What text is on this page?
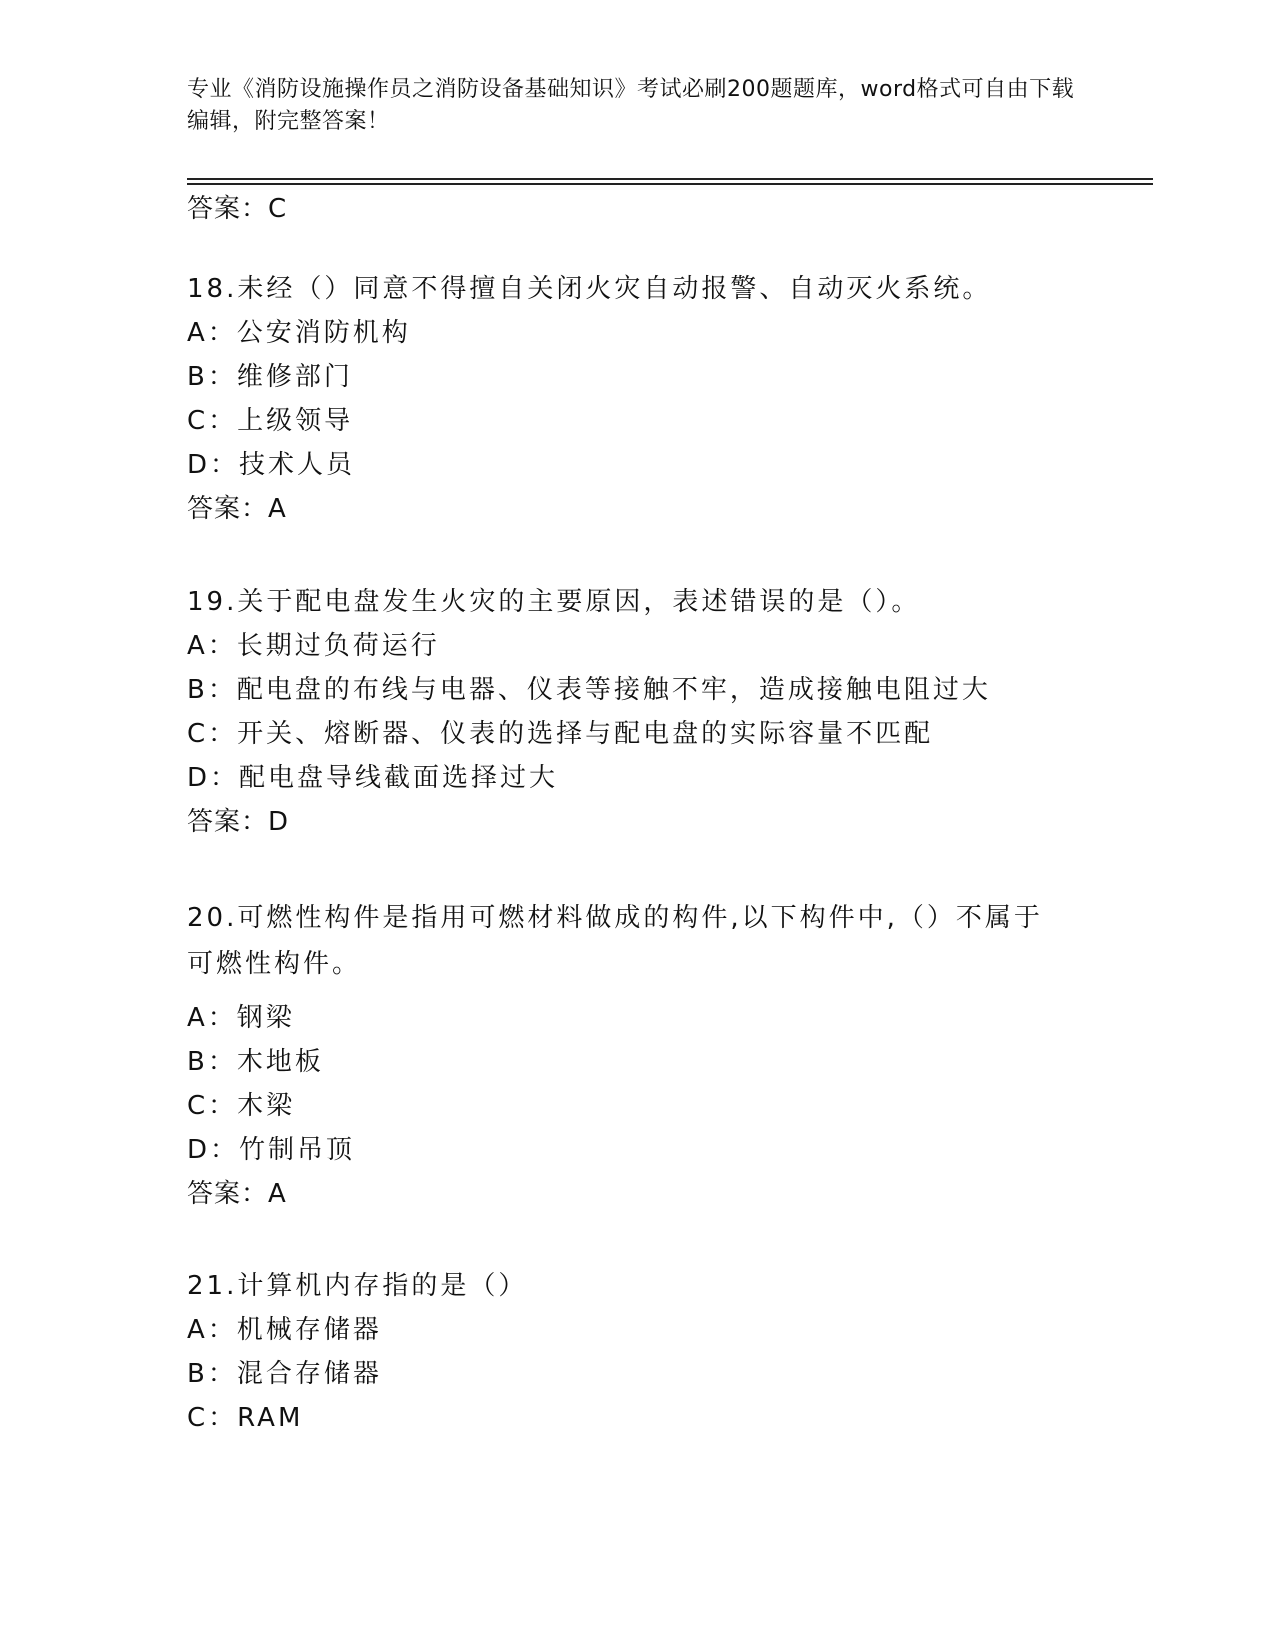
专业《消防设施操作员之消防设备基础知识》考试必刷200题题库，word格式可自由下载编辑，附完整答案！
答案：C
18.未经（）同意不得擅自关闭火灾自动报警、自动灭火系统。
A：公安消防机构
B：维修部门
C：上级领导
D：技术人员
答案：A
19.关于配电盘发生火灾的主要原因，表述错误的是（）。
A：长期过负荷运行
B：配电盘的布线与电器、仪表等接触不牢，造成接触电阻过大
C：开关、熔断器、仪表的选择与配电盘的实际容量不匹配
D：配电盘导线截面选择过大
答案：D
20.可燃性构件是指用可燃材料做成的构件,以下构件中,（）不属于可燃性构件。
A：钢梁
B：木地板
C：木梁
D：竹制吊顶
答案：A
21.计算机内存指的是（）
A：机械存储器
B：混合存储器
C：RAM
